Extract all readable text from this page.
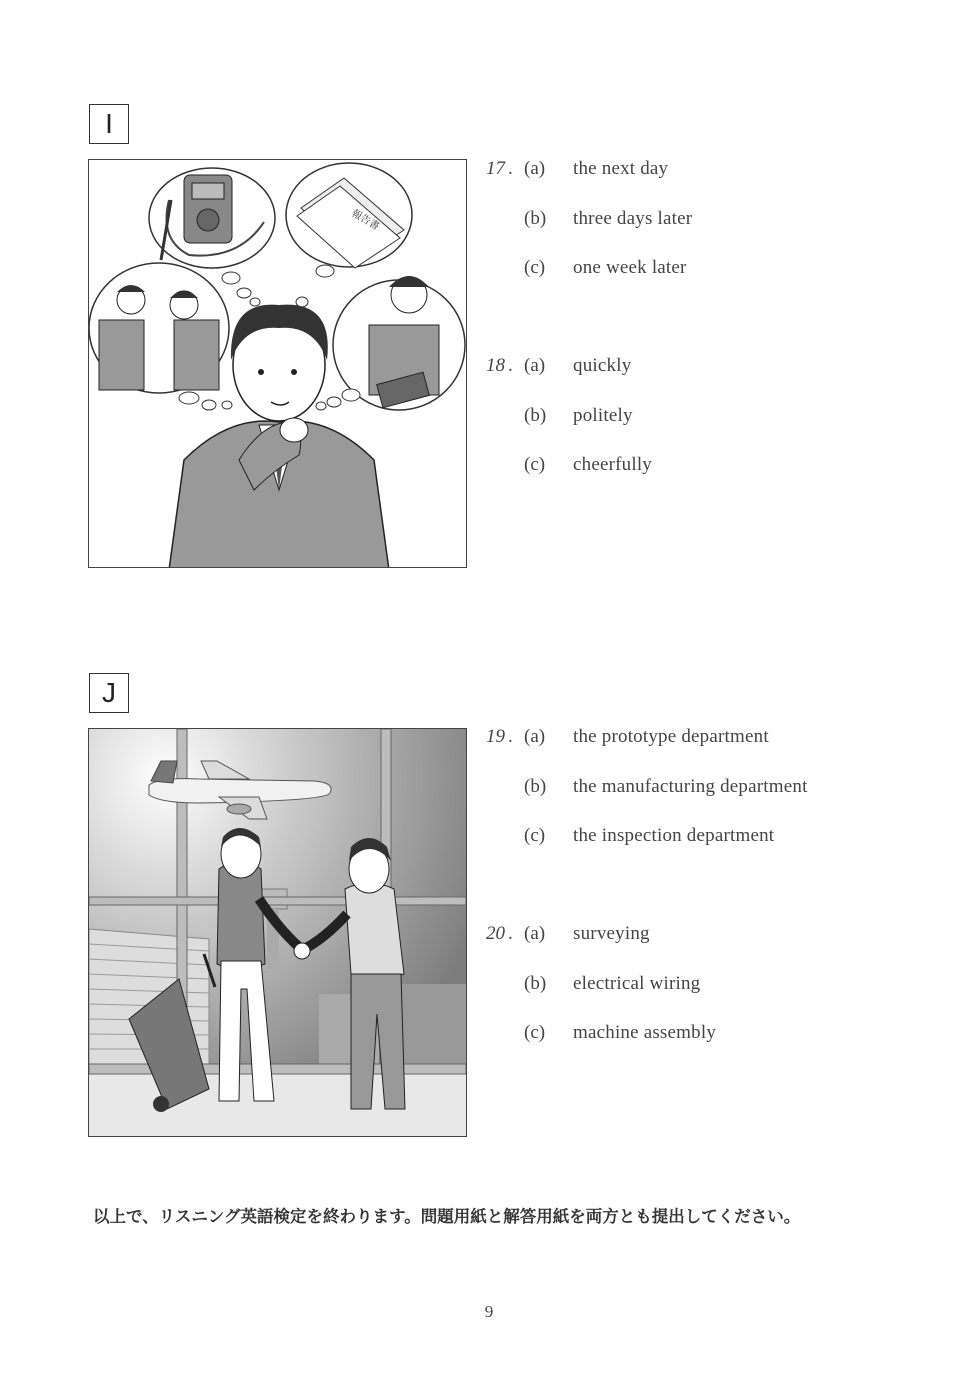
I
報告書
17 . (a) the next day
(b) three days later
(c) one week later
18 . (a) quickly
(b) politely
(c) cheerfully
J
19 . (a) the prototype department
(b) the manufacturing department
(c) the inspection department
20 . (a) surveying
(b) electrical wiring
(c) machine assembly
以上で、リスニング英語検定を終わります。問題用紙と解答用紙を両方とも提出してください。
9
